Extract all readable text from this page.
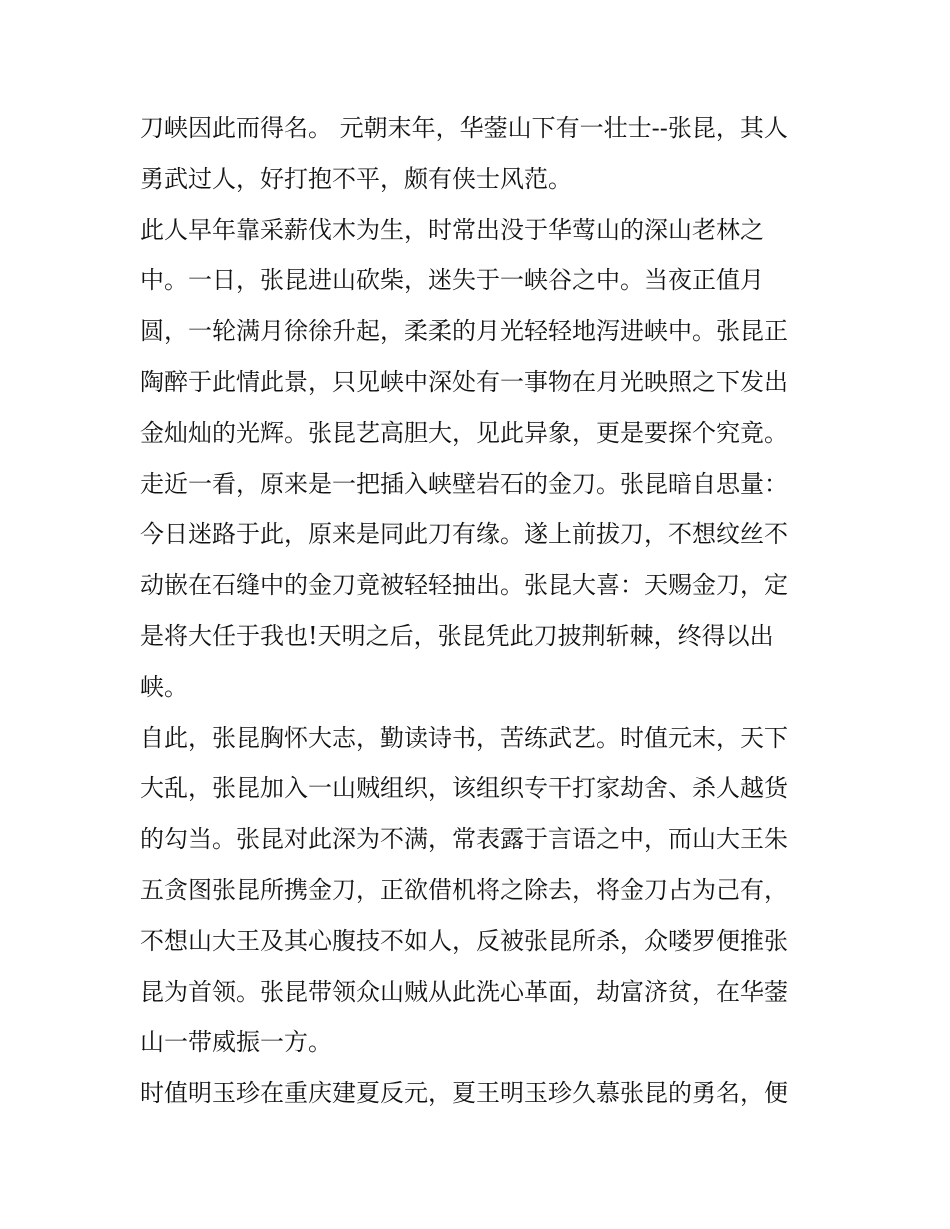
刀峡因此而得名。 元朝末年，华蓥山下有一壮士--张昆，其人
勇武过人，好打抱不平，颇有侠士风范。
此人早年靠采薪伐木为生，时常出没于华莺山的深山老林之
中。一日，张昆进山砍柴，迷失于一峡谷之中。当夜正值月
圆，一轮满月徐徐升起，柔柔的月光轻轻地泻进峡中。张昆正
陶醉于此情此景，只见峡中深处有一事物在月光映照之下发出
金灿灿的光辉。张昆艺高胆大，见此异象，更是要探个究竟。
走近一看，原来是一把插入峡壁岩石的金刀。张昆暗自思量：
今日迷路于此，原来是同此刀有缘。遂上前拔刀，不想纹丝不
动嵌在石缝中的金刀竟被轻轻抽出。张昆大喜：天赐金刀，定
是将大任于我也!天明之后，张昆凭此刀披荆斩棘，终得以出
峡。
自此，张昆胸怀大志，勤读诗书，苦练武艺。时值元末，天下
大乱，张昆加入一山贼组织，该组织专干打家劫舍、杀人越货
的勾当。张昆对此深为不满，常表露于言语之中，而山大王朱
五贪图张昆所携金刀，正欲借机将之除去，将金刀占为己有，
不想山大王及其心腹技不如人，反被张昆所杀，众喽罗便推张
昆为首领。张昆带领众山贼从此洗心革面，劫富济贫，在华蓥
山一带威振一方。
时值明玉珍在重庆建夏反元，夏王明玉珍久慕张昆的勇名，便
